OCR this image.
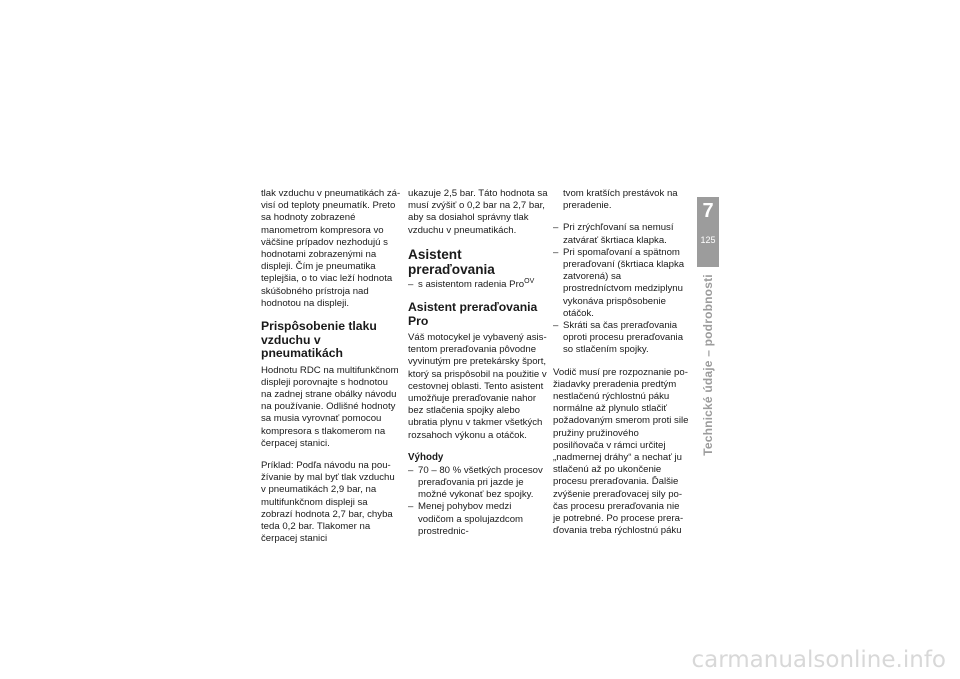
tlak vzduchu v pneumatikách závisí od teploty pneumatík. Preto sa hodnoty zobrazené manometrom kompresora vo väčšine prípadov nezhodujú s hodnotami zobrazenými na displeji. Čím je pneumatika teplejšia, o to viac leží hodnota skúšobného prístroja nad hodnotou na displeji.

Prispôsobenie tlaku vzduchu v pneumatikách

Hodnotu RDC na multifunkčnom displeji porovnajte s hodnotou na zadnej strane obálky návodu na používanie. Odlišné hodnoty sa musia vyrovnať pomocou kompresora s tlakomerom na čerpacej stanici.

Príklad: Podľa návodu na používanie by mal byť tlak vzduchu v pneumatikách 2,9 bar, na multifunkčnom displeji sa zobrazí hodnota 2,7 bar, chyba teda 0,2 bar. Tlakomer na čerpacej stanici

ukazuje 2,5 bar. Táto hodnota sa musí zvýšiť o 0,2 bar na 2,7 bar, aby sa dosiahol správny tlak vzduchu v pneumatikách.

Asistent preraďovania
– s asistentom radenia Pro$^{OV}$
Asistent preraďovania Pro

Váš motocykel je vybavený asistentom preraďovania pôvodne vyvinutým pre pretekársky šport, ktorý sa prispôsobil na použitie v cestovnej oblasti. Tento asistent umožňuje preraďovanie nahor bez stlačenia spojky alebo ubratia plynu v takmer všetkých rozsahoch výkonu a otáčok.

Výhody
– 70 – 80 % všetkých procesov preraďovania pri jazde je možné vykonať bez spojky.
– Menej pohybov medzi vodičom a spolujazdcom prostrednic-
tvom kratších prestávok na preradenie.
– Pri zrýchľovaní sa nemusí zatvárať škrtiaca klapka.
– Pri spomaľovaní a spätnom preraďovaní (škrtiaca klapka zatvorená) sa prostredníctvom medziplynu vykonáva prispôsobenie otáčok.
– Skráti sa čas preraďovania oproti procesu preraďovania so stlačením spojky.

Vodič musí pre rozpoznanie požiadavky preradenia predtým nestlačenú rýchlostnú páku normálne až plynulo stlačiť požadovaným smerom proti sile pružiny pružinového posilňovača v rámci určitej „nadmernej dráhy“ a nechať ju stlačenú až po ukončenie procesu preraďovania. Ďalšie zvýšenie preraďovacej sily počas procesu preraďovania nie je potrebné. Po procese preraďovania treba rýchlostnú páku

7
125
Technické údaje – podrobnosti
carmanualsonline.info
